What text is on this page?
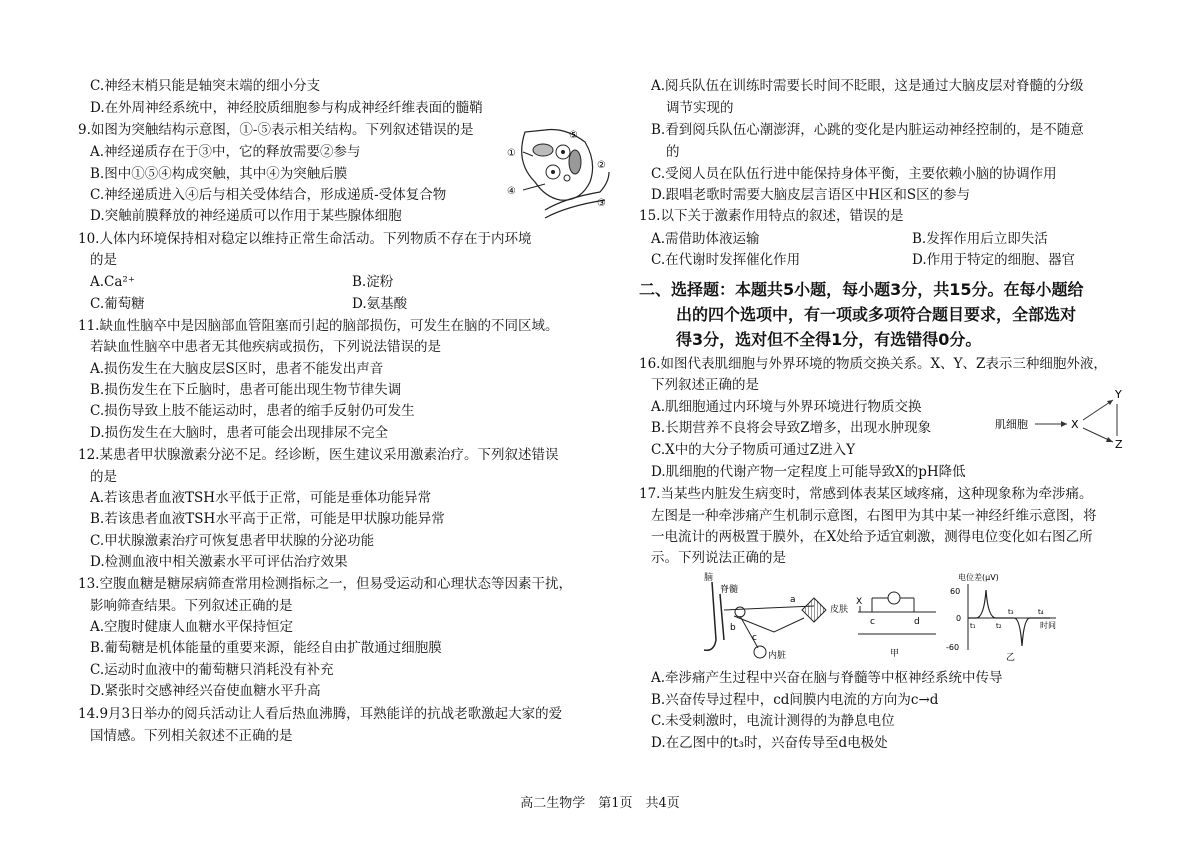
C.神经末梢只能是轴突末端的细小分支
D.在外周神经系统中，神经胶质细胞参与构成神经纤维表面的髓鞘
9.如图为突触结构示意图，①-⑤表示相关结构。下列叙述错误的是
A.神经递质存在于③中，它的释放需要②参与
B.图中①⑤④构成突触，其中④为突触后膜
C.神经递质进入④后与相关受体结合，形成递质-受体复合物
D.突触前膜释放的神经递质可以作用于某些腺体细胞
10.人体内环境保持相对稳定以维持正常生命活动。下列物质不存在于内环境
的是
A.Ca²⁺	B.淀粉
C.葡萄糖	D.氨基酸
11.缺血性脑卒中是因脑部血管阻塞而引起的脑部损伤，可发生在脑的不同区域。
若缺血性脑卒中患者无其他疾病或损伤，下列说法错误的是
A.损伤发生在大脑皮层S区时，患者不能发出声音
B.损伤发生在下丘脑时，患者可能出现生物节律失调
C.损伤导致上肢不能运动时，患者的缩手反射仍可发生
D.损伤发生在大脑时，患者可能会出现排尿不完全
12.某患者甲状腺激素分泌不足。经诊断，医生建议采用激素治疗。下列叙述错误
的是
A.若该患者血液TSH水平低于正常，可能是垂体功能异常
B.若该患者血液TSH水平高于正常，可能是甲状腺功能异常
C.甲状腺激素治疗可恢复患者甲状腺的分泌功能
D.检测血液中相关激素水平可评估治疗效果
13.空腹血糖是糖尿病筛查常用检测指标之一，但易受运动和心理状态等因素干扰，
影响筛查结果。下列叙述正确的是
A.空腹时健康人血糖水平保持恒定
B.葡萄糖是机体能量的重要来源，能经自由扩散通过细胞膜
C.运动时血液中的葡萄糖只消耗没有补充
D.紧张时交感神经兴奋使血糖水平升高
14.9月3日举办的阅兵活动让人看后热血沸腾，耳熟能详的抗战老歌激起大家的爱
国情感。下列相关叙述不正确的是
①
⑤
④
②
③
A.阅兵队伍在训练时需要长时间不眨眼，这是通过大脑皮层对脊髓的分级
调节实现的
B.看到阅兵队伍心潮澎湃，心跳的变化是内脏运动神经控制的，是不随意
的
C.受阅人员在队伍行进中能保持身体平衡，主要依赖小脑的协调作用
D.跟唱老歌时需要大脑皮层言语区中H区和S区的参与
15.以下关于激素作用特点的叙述，错误的是
A.需借助体液运输	B.发挥作用后立即失活
C.在代谢时发挥催化作用	D.作用于特定的细胞、器官
二、选择题：本题共5小题，每小题3分，共15分。在每小题给
出的四个选项中，有一项或多项符合题目要求，全部选对
得3分，选对但不全得1分，有选错得0分。
16.如图代表肌细胞与外界环境的物质交换关系。X、Y、Z表示三种细胞外液，
下列叙述正确的是
A.肌细胞通过内环境与外界环境进行物质交换
B.长期营养不良将会导致Z增多，出现水肿现象
C.X中的大分子物质可通过Z进入Y
D.肌细胞的代谢产物一定程度上可能导致X的pH降低
17.当某些内脏发生病变时，常感到体表某区域疼痛，这种现象称为牵涉痛。
左图是一种牵涉痛产生机制示意图，右图甲为其中某一神经纤维示意图，将
一电流计的两极置于膜外，在X处给予适宜刺激，测得电位变化如右图乙所
示。下列说法正确的是
A.牵涉痛产生过程中兴奋在脑与脊髓等中枢神经系统中传导
B.兴奋传导过程中，cd间膜内电流的方向为c→d
C.未受刺激时，电流计测得的为静息电位
D.在乙图中的t₃时，兴奋传导至d电极处
肌细胞	X
Y
Z
脑
脊髓
内脏
a
b
c
皮肤
X
c	d
甲
电位差(μV)
60
0
-60
t₁	t₂
t₃	t₄
时间
乙
高二生物学　第1页　共4页
